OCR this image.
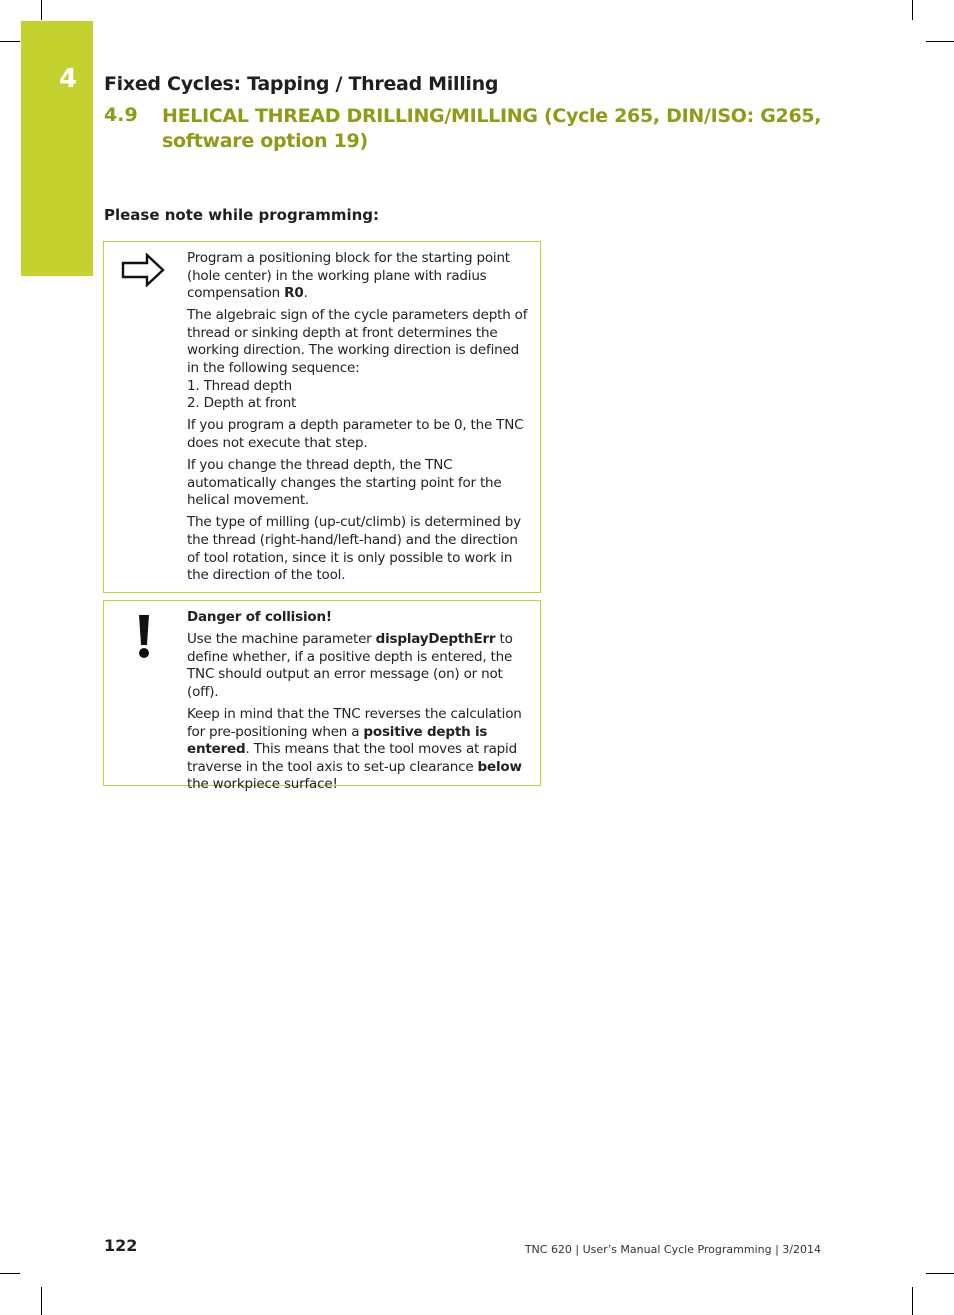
4 Fixed Cycles: Tapping / Thread Milling
4.9 HELICAL THREAD DRILLING/MILLING (Cycle 265, DIN/ISO: G265, software option 19)
Please note while programming:

Program a positioning block for the starting point (hole center) in the working plane with radius compensation R0.

The algebraic sign of the cycle parameters depth of thread or sinking depth at front determines the working direction. The working direction is defined in the following sequence:
1. Thread depth
2. Depth at front

If you program a depth parameter to be 0, the TNC does not execute that step.

If you change the thread depth, the TNC automatically changes the starting point for the helical movement.

The type of milling (up-cut/climb) is determined by the thread (right-hand/left-hand) and the direction of tool rotation, since it is only possible to work in the direction of the tool.

Danger of collision!

Use the machine parameter displayDepthErr to define whether, if a positive depth is entered, the TNC should output an error message (on) or not (off).

Keep in mind that the TNC reverses the calculation for pre-positioning when a positive depth is entered. This means that the tool moves at rapid traverse in the tool axis to set-up clearance below the workpiece surface!

122	TNC 620 | User’s Manual Cycle Programming | 3/2014
